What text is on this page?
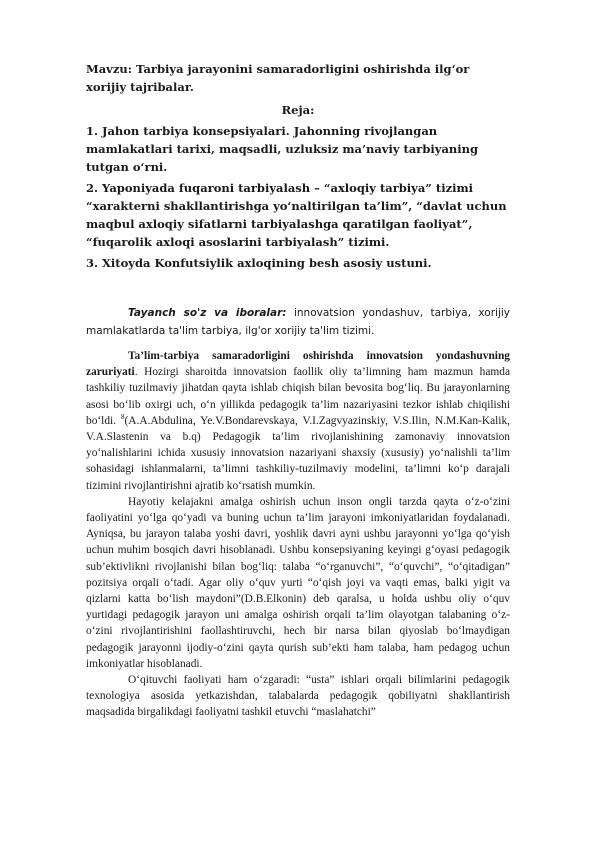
Mavzu: Tarbiya jarayonini samaradorligini oshirishda ilg‘or xorijiy tajribalar.

Reja:

1. Jahon tarbiya konsepsiyalari. Jahonning rivojlangan mamlakatlari tarixi, maqsadli, uzluksiz ma’naviy tarbiyaning tutgan o‘rni.

2. Yaponiyada fuqaroni tarbiyalash – “axloqiy tarbiya” tizimi “xarakterni shakllantirishga yo‘naltirilgan ta’lim”, “davlat uchun maqbul axloqiy sifatlarni tarbiyalashga qaratilgan faoliyat”, “fuqarolik axloqi asoslarini tarbiyalash” tizimi.

3. Xitoyda Konfutsiylik axloqining besh asosiy ustuni.

Tayanch so'z va iboralar: innovatsion yondashuv, tarbiya, xorijiy mamlakatlarda ta'lim tarbiya, ilg'or xorijiy ta'lim tizimi.

Ta’lim-tarbiya samaradorligini oshirishda innovatsion yondashuvning zaruriyati. Hozirgi sharoitda innovatsion faollik oliy ta’limning ham mazmun hamda tashkiliy tuzilmaviy jihatdan qayta ishlab chiqish bilan bevosita bog‘liq. Bu jarayonlarning asosi bo‘lib oxirgi uch, o‘n yillikda pedagogik ta’lim nazariyasini tezkor ishlab chiqilishi bo‘ldi. $^8$(A.A.Abdulina, Ye.V.Bondarevskaya, V.I.Zagvyazinskiy, V.S.Ilin, N.M.Kan-Kalik, V.A.Slastenin va b.q) Pedagogik ta’lim rivojlanishining zamonaviy innovatsion yo‘nalishlarini ichida xususiy innovatsion nazariyani shaxsiy (xususiy) yo‘nalishli ta’lim sohasidagi ishlanmalarni, ta’limni tashkiliy-tuzilmaviy modelini, ta’limni ko‘p darajali tizimini rivojlantirishni ajratib ko‘rsatish mumkin.

Hayotiy kelajakni amalga oshirish uchun inson ongli tarzda qayta o‘z-o‘zini faoliyatini yo‘lga qo‘yadi va buning uchun ta’lim jarayoni imkoniyatlaridan foydalanadi. Ayniqsa, bu jarayon talaba yoshi davri, yoshlik davri ayni ushbu jarayonni yo‘lga qo‘yish uchun muhim bosqich davri hisoblanadi. Ushbu konsepsiyaning keyingi g‘oyasi pedagogik sub’ektivlikni rivojlanishi bilan bog‘liq: talaba “o‘rganuvchi”, “o‘quvchi”, “o‘qitadigan” pozitsiya orqali o‘tadi. Agar oliy o‘quv yurti “o‘qish joyi va vaqti emas, balki yigit va qizlarni katta bo‘lish maydoni”(D.B.Elkonin) deb qaralsa, u holda ushbu oliy o‘quv yurtidagi pedagogik jarayon uni amalga oshirish orqali ta’lim olayotgan talabaning o‘z-o‘zini rivojlantirishini faollashtiruvchi, hech bir narsa bilan qiyoslab bo‘lmaydigan pedagogik jarayonni ijodiy-o‘zini qayta qurish sub’ekti ham talaba, ham pedagog uchun imkoniyatlar hisoblanadi.

O‘qituvchi faoliyati ham o‘zgaradi: “usta” ishlari orqali bilimlarini pedagogik texnologiya asosida yetkazishdan, talabalarda pedagogik qobiliyatni shakllantirish maqsadida birgalikdagi faoliyatni tashkil etuvchi “maslahatchi”
